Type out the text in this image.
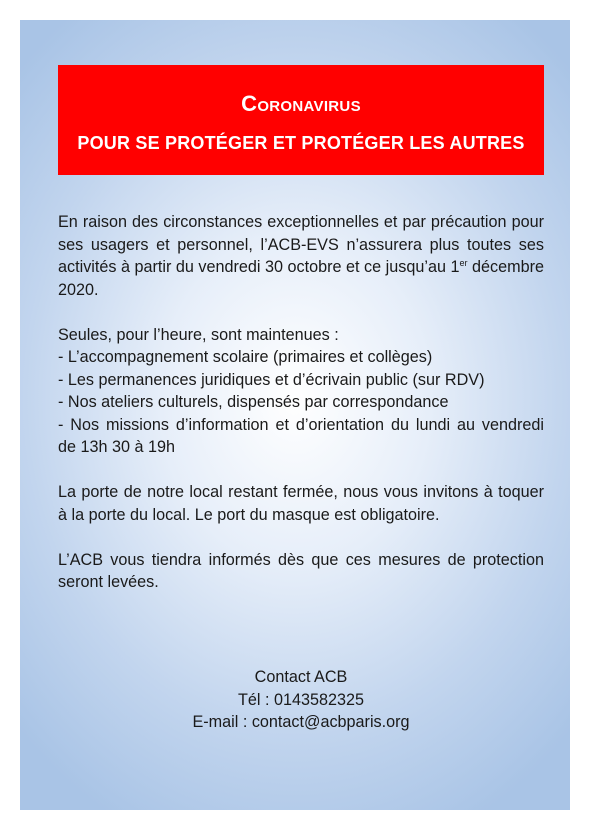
Coronavirus
POUR SE PROTÉGER ET PROTÉGER LES AUTRES

En raison des circonstances exceptionnelles et par précaution pour ses usagers et personnel, l’ACB-EVS n’assurera plus toutes ses activités à partir du vendredi 30 octobre et ce jusqu’au 1er décembre 2020.

Seules, pour l’heure, sont maintenues :
- L’accompagnement scolaire (primaires et collèges)
- Les permanences juridiques et d’écrivain public (sur RDV)
- Nos ateliers culturels, dispensés par correspondance
- Nos missions d’information et d’orientation du lundi au vendredi de 13h 30 à 19h

La porte de notre local restant fermée, nous vous invitons à toquer à la porte du local. Le port du masque est obligatoire.

L’ACB vous tiendra informés dès que ces mesures de protection seront levées.

Contact ACB
Tél : 0143582325
E-mail : contact@acbparis.org
